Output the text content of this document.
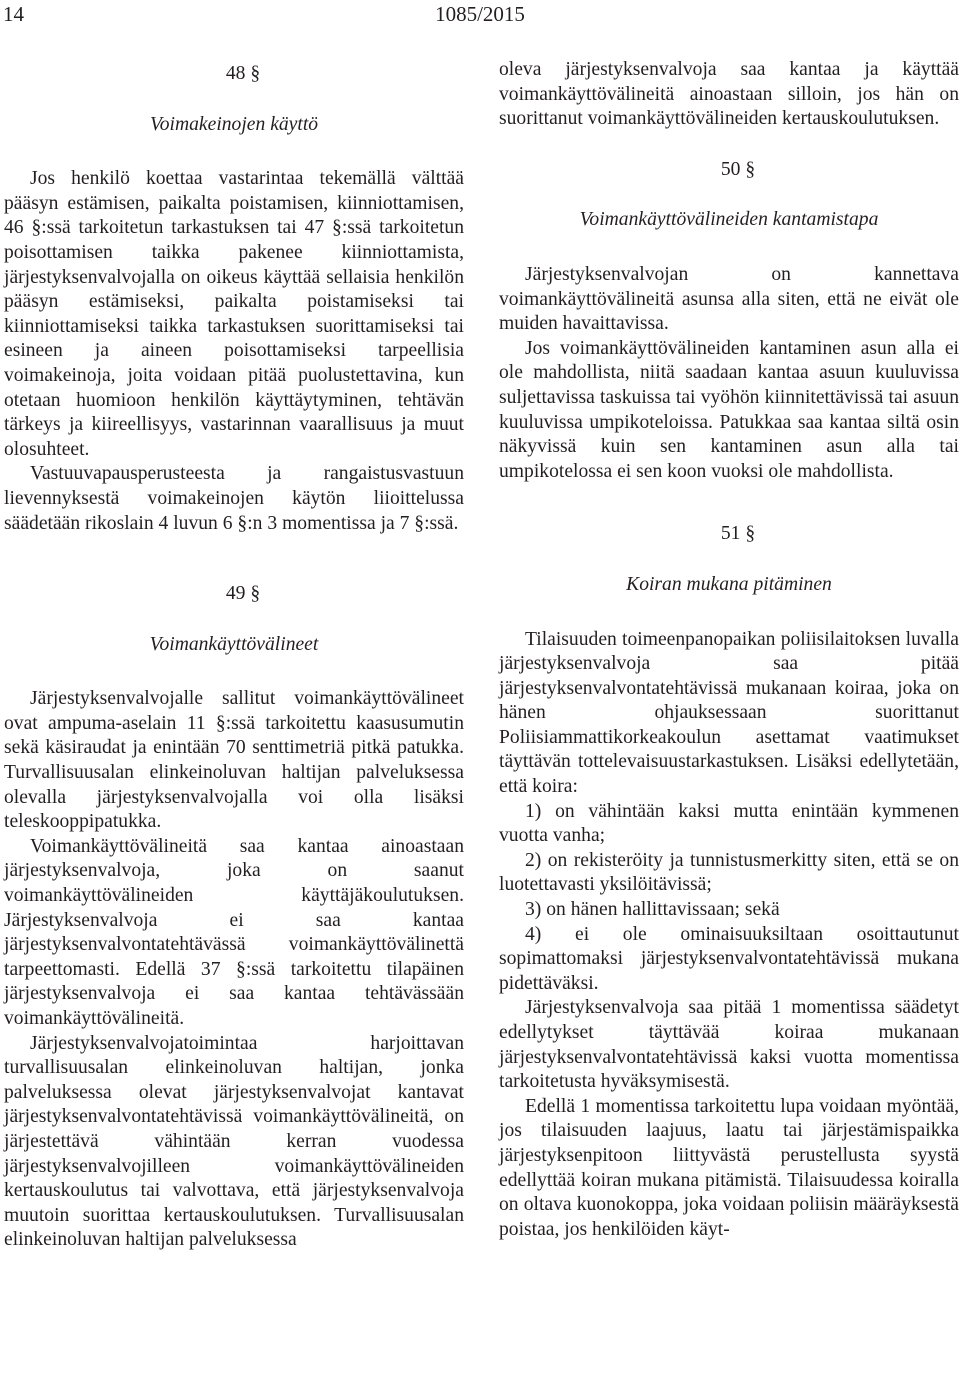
14	1085/2015
48 §
Voimakeinojen käyttö

Jos henkilö koettaa vastarintaa tekemällä välttää pääsyn estämisen, paikalta poistamisen, kiinniottamisen, 46 §:ssä tarkoitetun tarkastuksen tai 47 §:ssä tarkoitetun poisottamisen taikka pakenee kiinniottamista, järjestyksenvalvojalla on oikeus käyttää sellaisia henkilön pääsyn estämiseksi, paikalta poistamiseksi tai kiinniottamiseksi taikka tarkastuksen suorittamiseksi tai esineen ja aineen poisottamiseksi tarpeellisia voimakeinoja, joita voidaan pitää puolustettavina, kun otetaan huomioon henkilön käyttäytyminen, tehtävän tärkeys ja kiireellisyys, vastarinnan vaarallisuus ja muut olosuhteet.

Vastuuvapausperusteesta ja rangaistusvastuun lievennyksestä voimakeinojen käytön liioittelussa säädetään rikoslain 4 luvun 6 §:n 3 momentissa ja 7 §:ssä.

49 §
Voimankäyttövälineet

Järjestyksenvalvojalle sallitut voimankäyttövälineet ovat ampuma-aselain 11 §:ssä tarkoitettu kaasusumutin sekä käsiraudat ja enintään 70 senttimetriä pitkä patukka. Turvallisuusalan elinkeinoluvan haltijan palveluksessa olevalla järjestyksenvalvojalla voi olla lisäksi teleskooppipatukka.

Voimankäyttövälineitä saa kantaa ainoastaan järjestyksenvalvoja, joka on saanut voimankäyttövälineiden käyttäjäkoulutuksen. Järjestyksenvalvoja ei saa kantaa järjestyksenvalvontatehtävässä voimankäyttövälinettä tarpeettomasti. Edellä 37 §:ssä tarkoitettu tilapäinen järjestyksenvalvoja ei saa kantaa tehtävässään voimankäyttövälineitä.

Järjestyksenvalvojatoimintaa harjoittavan turvallisuusalan elinkeinoluvan haltijan, jonka palveluksessa olevat järjestyksenvalvojat kantavat järjestyksenvalvontatehtävissä voimankäyttövälineitä, on järjestettävä vähintään kerran vuodessa järjestyksenvalvojilleen voimankäyttövälineiden kertauskoulutus tai valvottava, että järjestyksenvalvoja muutoin suorittaa kertauskoulutuksen. Turvallisuusalan elinkeinoluvan haltijan palveluksessa

oleva järjestyksenvalvoja saa kantaa ja käyttää voimankäyttövälineitä ainoastaan silloin, jos hän on suorittanut voimankäyttövälineiden kertauskoulutuksen.

50 §
Voimankäyttövälineiden kantamistapa

Järjestyksenvalvojan on kannettava voimankäyttövälineitä asunsa alla siten, että ne eivät ole muiden havaittavissa.

Jos voimankäyttövälineiden kantaminen asun alla ei ole mahdollista, niitä saadaan kantaa asuun kuuluvissa suljettavissa taskuissa tai vyöhön kiinnitettävissä tai asuun kuuluvissa umpikoteloissa. Patukkaa saa kantaa siltä osin näkyvissä kuin sen kantaminen asun alla tai umpikotelossa ei sen koon vuoksi ole mahdollista.

51 §
Koiran mukana pitäminen

Tilaisuuden toimeenpanopaikan poliisilaitoksen luvalla järjestyksenvalvoja saa pitää järjestyksenvalvontatehtävissä mukanaan koiraa, joka on hänen ohjauksessaan suorittanut Poliisiammattikorkeakoulun asettamat vaatimukset täyttävän tottelevaisuustarkastuksen. Lisäksi edellytetään, että koira:

1) on vähintään kaksi mutta enintään kymmenen vuotta vanha;

2) on rekisteröity ja tunnistusmerkitty siten, että se on luotettavasti yksilöitävissä;

3) on hänen hallittavissaan; sekä

4) ei ole ominaisuuksiltaan osoittautunut sopimattomaksi järjestyksenvalvontatehtävissä mukana pidettäväksi.

Järjestyksenvalvoja saa pitää 1 momentissa säädetyt edellytykset täyttävää koiraa mukanaan järjestyksenvalvontatehtävissä kaksi vuotta momentissa tarkoitetusta hyväksymisestä.

Edellä 1 momentissa tarkoitettu lupa voidaan myöntää, jos tilaisuuden laajuus, laatu tai järjestämispaikka järjestyksenpitoon liittyvästä perustellusta syystä edellyttää koiran mukana pitämistä. Tilaisuudessa koiralla on oltava kuonokoppa, joka voidaan poliisin määräyksestä poistaa, jos henkilöiden käyt-
